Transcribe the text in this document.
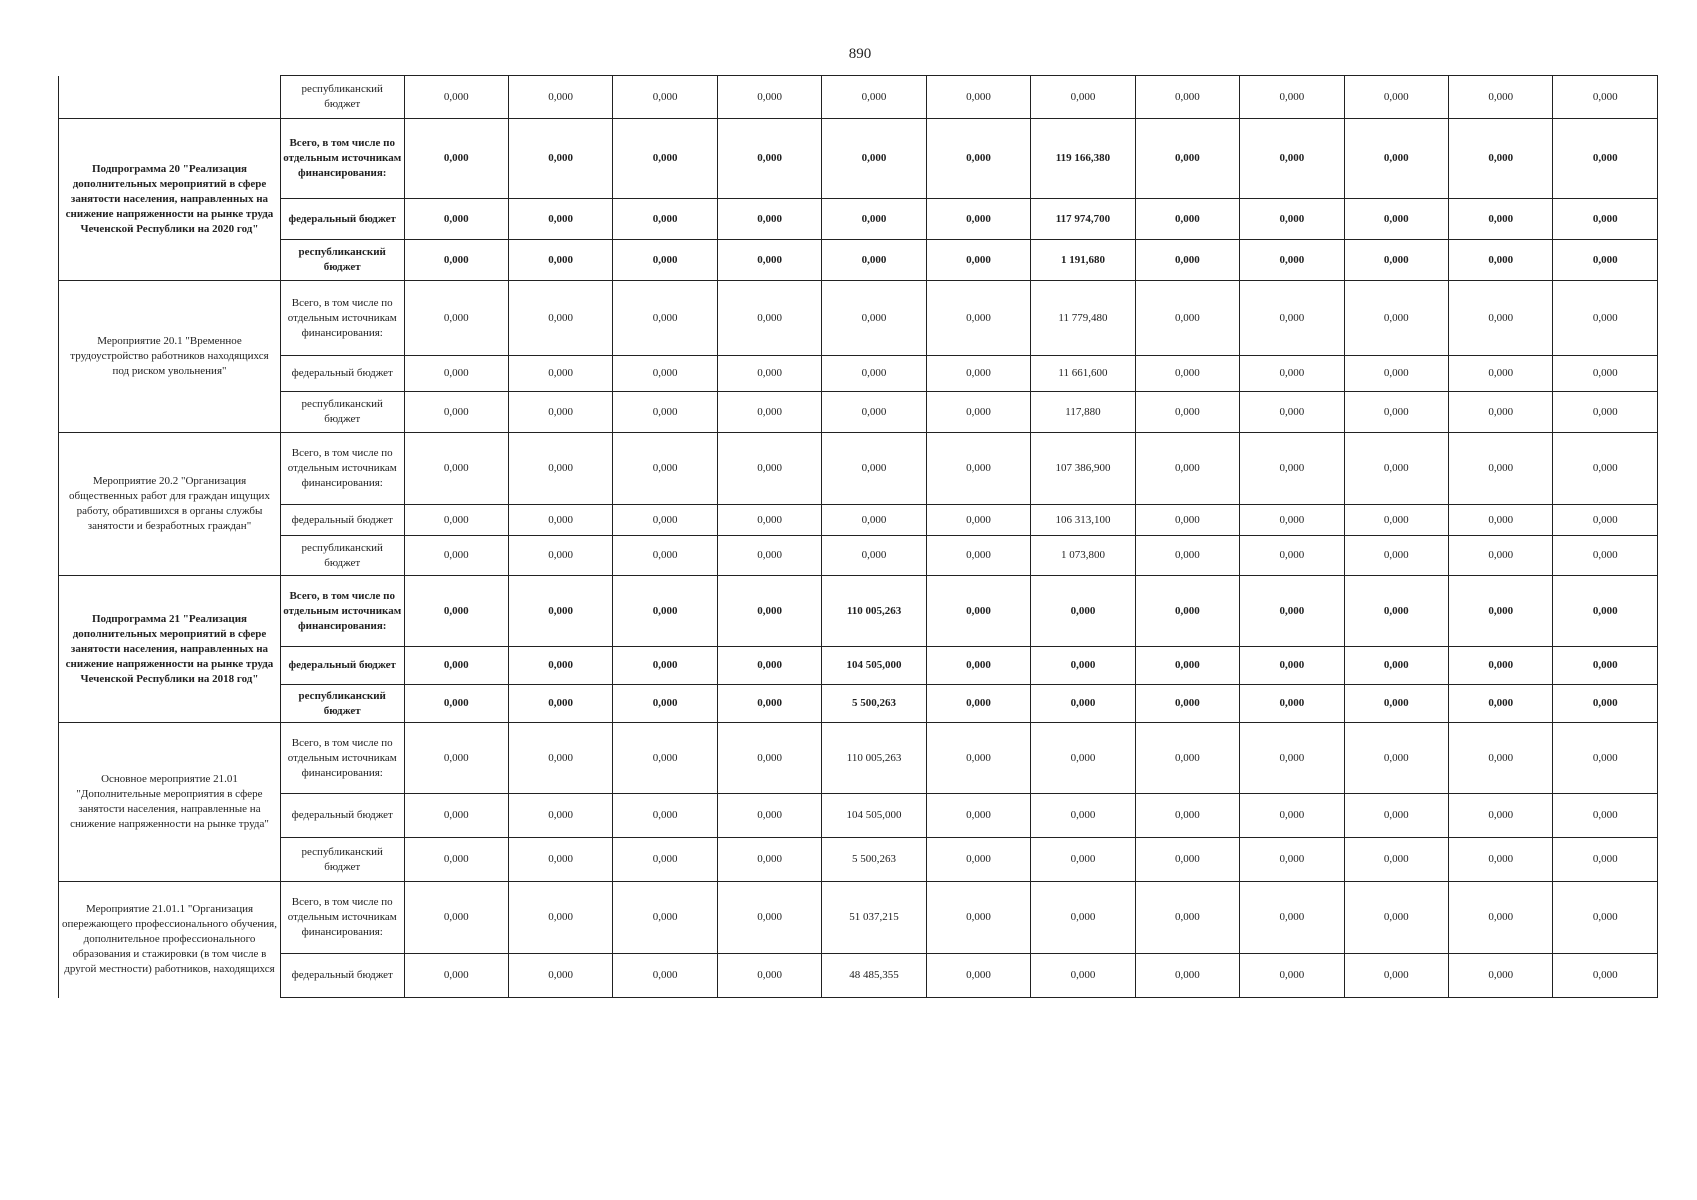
890
	республиканский бюджет	0,000	0,000	0,000	0,000	0,000	0,000	0,000	0,000	0,000	0,000	0,000	0,000
Подпрограмма 20 "Реализация дополнительных мероприятий в сфере занятости населения, направленных на снижение напряженности на рынке труда Чеченской Республики на 2020 год"	Всего, в том числе по отдельным источникам финансирования:	0,000	0,000	0,000	0,000	0,000	0,000	119 166,380	0,000	0,000	0,000	0,000	0,000
	федеральный бюджет	0,000	0,000	0,000	0,000	0,000	0,000	117 974,700	0,000	0,000	0,000	0,000	0,000
	республиканский бюджет	0,000	0,000	0,000	0,000	0,000	0,000	1 191,680	0,000	0,000	0,000	0,000	0,000
Мероприятие 20.1 "Временное трудоустройство работников находящихся под риском увольнения"	Всего, в том числе по отдельным источникам финансирования:	0,000	0,000	0,000	0,000	0,000	0,000	11 779,480	0,000	0,000	0,000	0,000	0,000
	федеральный бюджет	0,000	0,000	0,000	0,000	0,000	0,000	11 661,600	0,000	0,000	0,000	0,000	0,000
	республиканский бюджет	0,000	0,000	0,000	0,000	0,000	0,000	117,880	0,000	0,000	0,000	0,000	0,000
Мероприятие 20.2 "Организация общественных работ для граждан ищущих работу, обратившихся в органы службы занятости и безработных граждан"	Всего, в том числе по отдельным источникам финансирования:	0,000	0,000	0,000	0,000	0,000	0,000	107 386,900	0,000	0,000	0,000	0,000	0,000
	федеральный бюджет	0,000	0,000	0,000	0,000	0,000	0,000	106 313,100	0,000	0,000	0,000	0,000	0,000
	республиканский бюджет	0,000	0,000	0,000	0,000	0,000	0,000	1 073,800	0,000	0,000	0,000	0,000	0,000
Подпрограмма 21 "Реализация дополнительных мероприятий в сфере занятости населения, направленных на снижение напряженности на рынке труда Чеченской Республики на 2018 год"	Всего, в том числе по отдельным источникам финансирования:	0,000	0,000	0,000	0,000	110 005,263	0,000	0,000	0,000	0,000	0,000	0,000	0,000
	федеральный бюджет	0,000	0,000	0,000	0,000	104 505,000	0,000	0,000	0,000	0,000	0,000	0,000	0,000
	республиканский бюджет	0,000	0,000	0,000	0,000	5 500,263	0,000	0,000	0,000	0,000	0,000	0,000	0,000
Основное мероприятие 21.01 "Дополнительные мероприятия в сфере занятости населения, направленные на снижение напряженности на рынке труда"	Всего, в том числе по отдельным источникам финансирования:	0,000	0,000	0,000	0,000	110 005,263	0,000	0,000	0,000	0,000	0,000	0,000	0,000
	федеральный бюджет	0,000	0,000	0,000	0,000	104 505,000	0,000	0,000	0,000	0,000	0,000	0,000	0,000
	республиканский бюджет	0,000	0,000	0,000	0,000	5 500,263	0,000	0,000	0,000	0,000	0,000	0,000	0,000
Мероприятие 21.01.1 "Организация опережающего профессионального обучения, дополнительное профессионального образования и стажировки (в том числе в другой местности) работников, находящихся	Всего, в том числе по отдельным источникам финансирования:	0,000	0,000	0,000	0,000	51 037,215	0,000	0,000	0,000	0,000	0,000	0,000	0,000
	федеральный бюджет	0,000	0,000	0,000	0,000	48 485,355	0,000	0,000	0,000	0,000	0,000	0,000	0,000
